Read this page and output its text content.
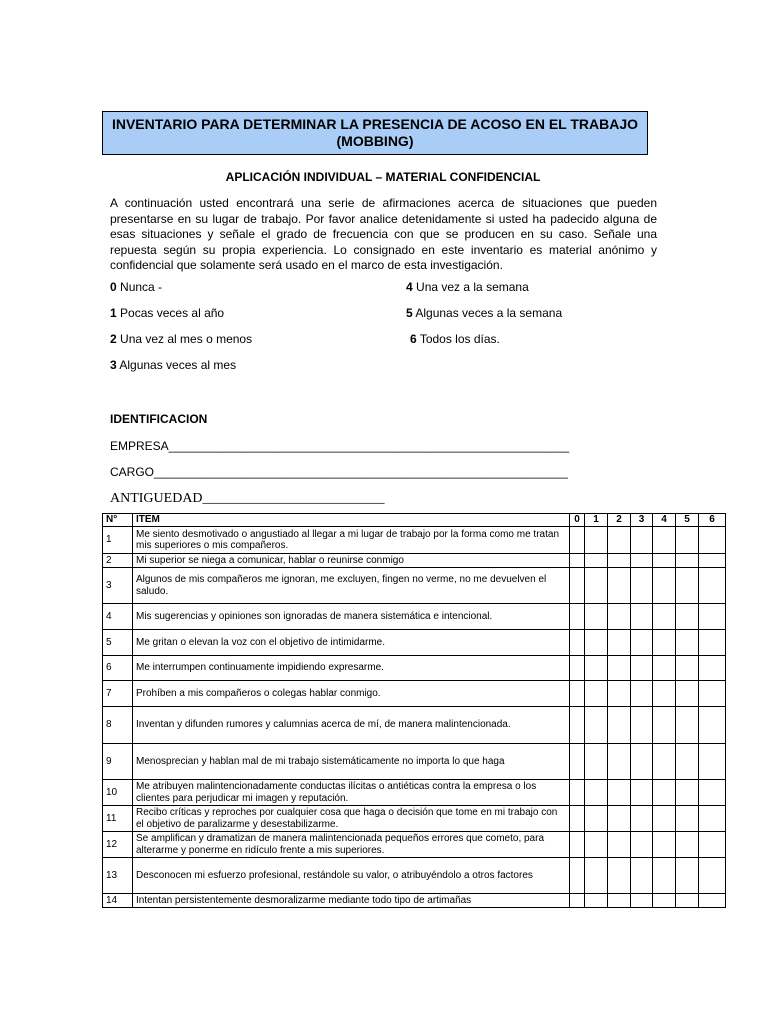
INVENTARIO PARA DETERMINAR LA PRESENCIA DE ACOSO EN EL TRABAJO (MOBBING)
APLICACIÓN INDIVIDUAL – MATERIAL CONFIDENCIAL
A continuación usted encontrará una serie de afirmaciones acerca de situaciones que pueden presentarse en su lugar de trabajo. Por favor analice detenidamente si usted ha padecido alguna de esas situaciones y señale el grado de frecuencia con que se producen en su caso. Señale una repuesta según su propia experiencia. Lo consignado en este inventario es material anónimo y confidencial que solamente será usado en el marco de esta investigación.
0 Nunca -
1 Pocas veces al año
2 Una vez al mes o menos
3 Algunas veces al mes
4 Una vez a la semana
5 Algunas veces a la semana
6 Todos los días.
IDENTIFICACION
EMPRESA____________________________________________________________
CARGO______________________________________________________________
ANTIGUEDAD__________________________
N°	ITEM	0	1	2	3	4	5	6
1	Me siento desmotivado o angustiado al llegar a mi lugar de trabajo por la forma como me tratan mis superiores o mis compañeros.							
2	Mi superior se niega a comunicar, hablar o reunirse conmigo							
3	Algunos de mis compañeros me ignoran, me excluyen, fingen no verme, no me devuelven el saludo.							
4	Mis sugerencias y opiniones son ignoradas de manera sistemática e intencional.							
5	Me gritan o elevan la voz con el objetivo de intimidarme.							
6	Me interrumpen continuamente impidiendo expresarme.							
7	Prohíben a mis compañeros o colegas hablar conmigo.							
8	Inventan y difunden rumores y calumnias acerca de mí, de manera malintencionada.							
9	Menosprecian y hablan mal de mi trabajo sistemáticamente no importa lo que haga							
10	Me atribuyen malintencionadamente conductas ilícitas o antiéticas contra la empresa o los clientes para perjudicar mi imagen y reputación.							
11	Recibo críticas y reproches por cualquier cosa que haga o decisión que tome en mi trabajo con el objetivo de paralizarme y desestabilizarme.							
12	Se amplifican y dramatizan de manera malintencionada pequeños errores que cometo, para alterarme y ponerme en ridículo frente a mis superiores.							
13	Desconocen mi esfuerzo profesional, restándole su valor, o atribuyéndolo a otros factores							
14	Intentan persistentemente desmoralizarme mediante todo tipo de artimañas							
